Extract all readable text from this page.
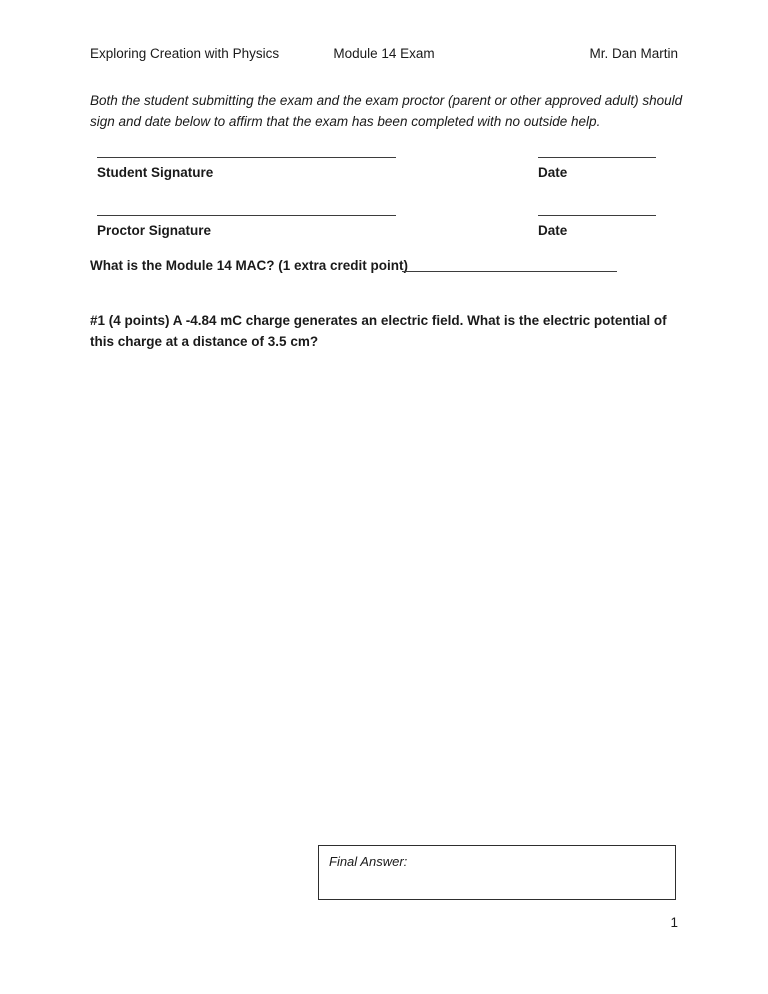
Exploring Creation with Physics	Module 14 Exam	Mr. Dan Martin
Both the student submitting the exam and the exam proctor (parent or other approved adult) should sign and date below to affirm that the exam has been completed with no outside help.
Student Signature	Date
Proctor Signature	Date
What is the Module 14 MAC? (1 extra credit point)
#1 (4 points) A -4.84 mC charge generates an electric field. What is the electric potential of this charge at a distance of 3.5 cm?
Final Answer:
1
